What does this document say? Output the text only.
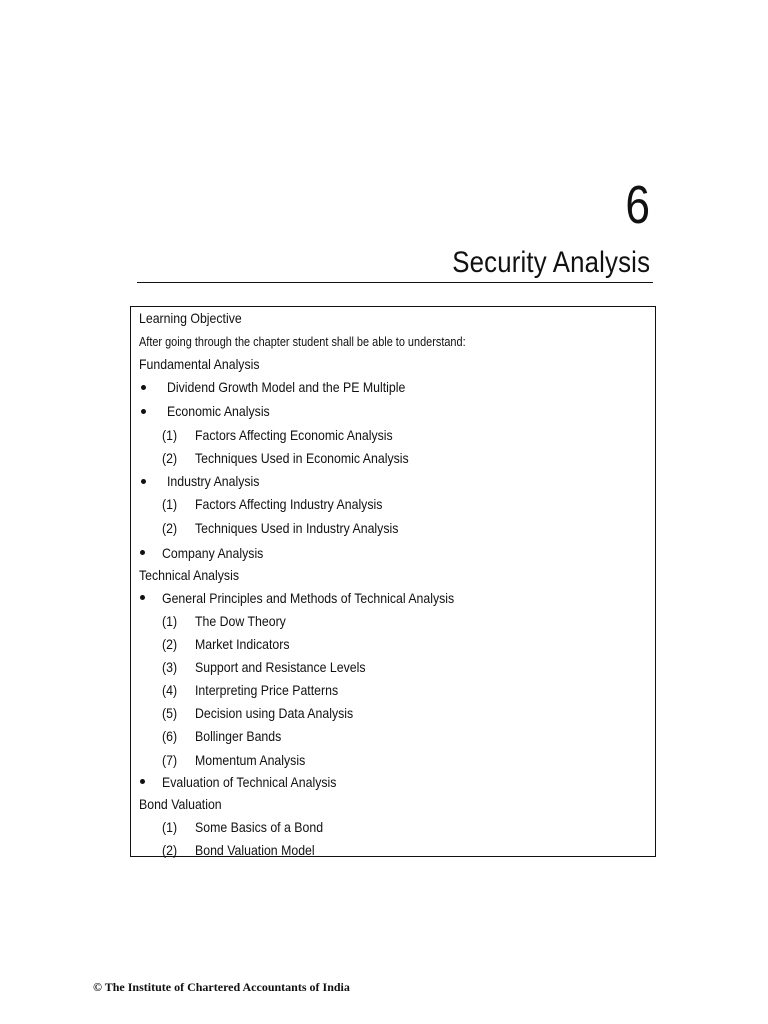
6
Security Analysis
Learning Objective
After going through the chapter student shall be able to understand:
Fundamental Analysis
Dividend Growth Model and the PE Multiple
Economic Analysis
(1) Factors Affecting Economic Analysis
(2) Techniques Used in Economic Analysis
Industry Analysis
(1) Factors Affecting Industry Analysis
(2) Techniques Used in Industry Analysis
Company Analysis
Technical Analysis
General Principles and Methods of Technical Analysis
(1) The Dow Theory
(2) Market Indicators
(3) Support and Resistance Levels
(4) Interpreting Price Patterns
(5) Decision using Data Analysis
(6) Bollinger Bands
(7) Momentum Analysis
Evaluation of Technical Analysis
Bond Valuation
(1) Some Basics of a Bond
(2) Bond Valuation Model
© The Institute of Chartered Accountants of India
